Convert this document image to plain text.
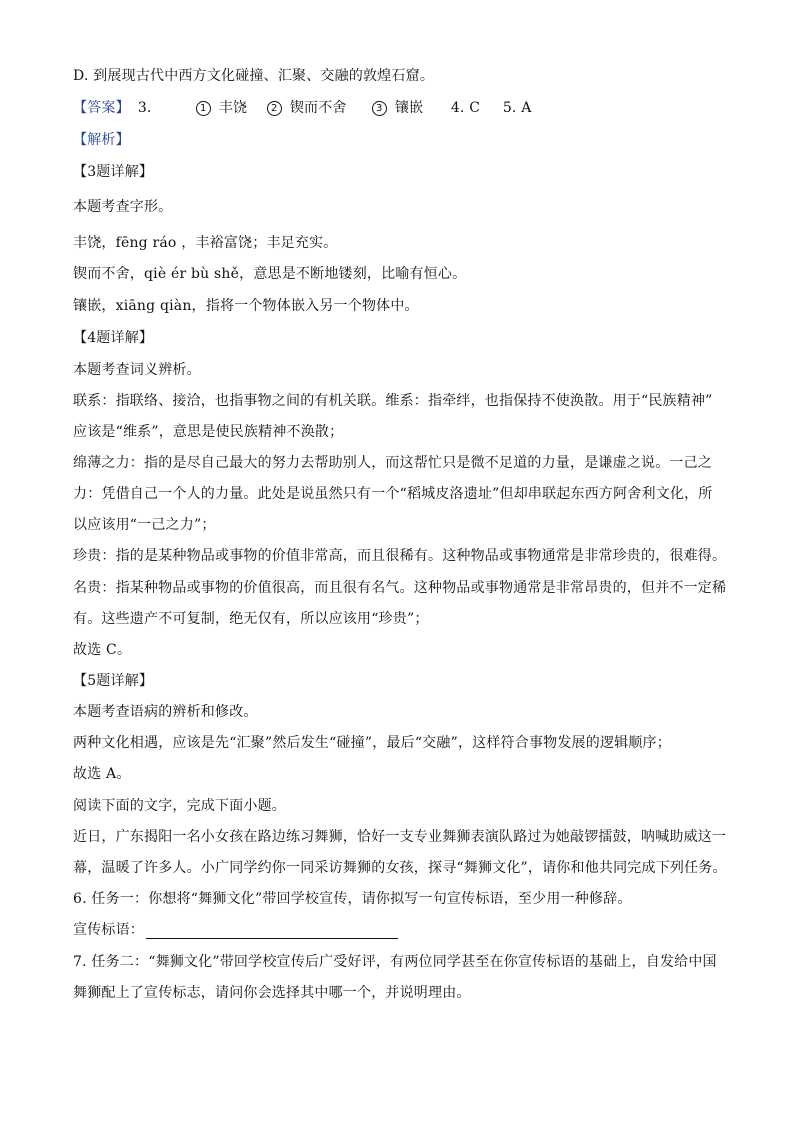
D. 到展现古代中西方文化碰撞、汇聚、交融的敦煌石窟。
【答案】 3.	1 丰饶	2 锲而不舍	3 镶嵌	4. C	5. A
【解析】
【3题详解】
本题考查字形。
丰饶，fēng ráo ，丰裕富饶；丰足充实。
锲而不舍，qiè ér bù shě，意思是不断地镂刻，比喻有恒心。
镶嵌，xiāng qiàn，指将一个物体嵌入另一个物体中。
【4题详解】
本题考查词义辨析。
联系：指联络、接洽，也指事物之间的有机关联。维系：指牵绊，也指保持不使涣散。用于“民族精神”
应该是“维系”，意思是使民族精神不涣散；
绵薄之力：指的是尽自己最大的努力去帮助别人，而这帮忙只是微不足道的力量，是谦虚之说。一己之
力：凭借自己一个人的力量。此处是说虽然只有一个“稻城皮洛遗址”但却串联起东西方阿舍利文化，所
以应该用“一己之力”；
珍贵：指的是某种物品或事物的价值非常高，而且很稀有。这种物品或事物通常是非常珍贵的，很难得。
名贵：指某种物品或事物的价值很高，而且很有名气。这种物品或事物通常是非常昂贵的，但并不一定稀
有。这些遗产不可复制，绝无仅有，所以应该用“珍贵”；
故选 C。
【5题详解】
本题考查语病的辨析和修改。
两种文化相遇，应该是先“汇聚”然后发生“碰撞”，最后“交融”，这样符合事物发展的逻辑顺序；
故选 A。
阅读下面的文字，完成下面小题。
近日，广东揭阳一名小女孩在路边练习舞狮，恰好一支专业舞狮表演队路过为她敲锣擂鼓，呐喊助威这一
幕，温暖了许多人。小广同学约你一同采访舞狮的女孩，探寻“舞狮文化”，请你和他共同完成下列任务。
6. 任务一：你想将“舞狮文化”带回学校宣传，请你拟写一句宣传标语，至少用一种修辞。
宣传标语：
7. 任务二：“舞狮文化”带回学校宣传后广受好评，有两位同学甚至在你宣传标语的基础上，自发给中国
舞狮配上了宣传标志，请问你会选择其中哪一个，并说明理由。
